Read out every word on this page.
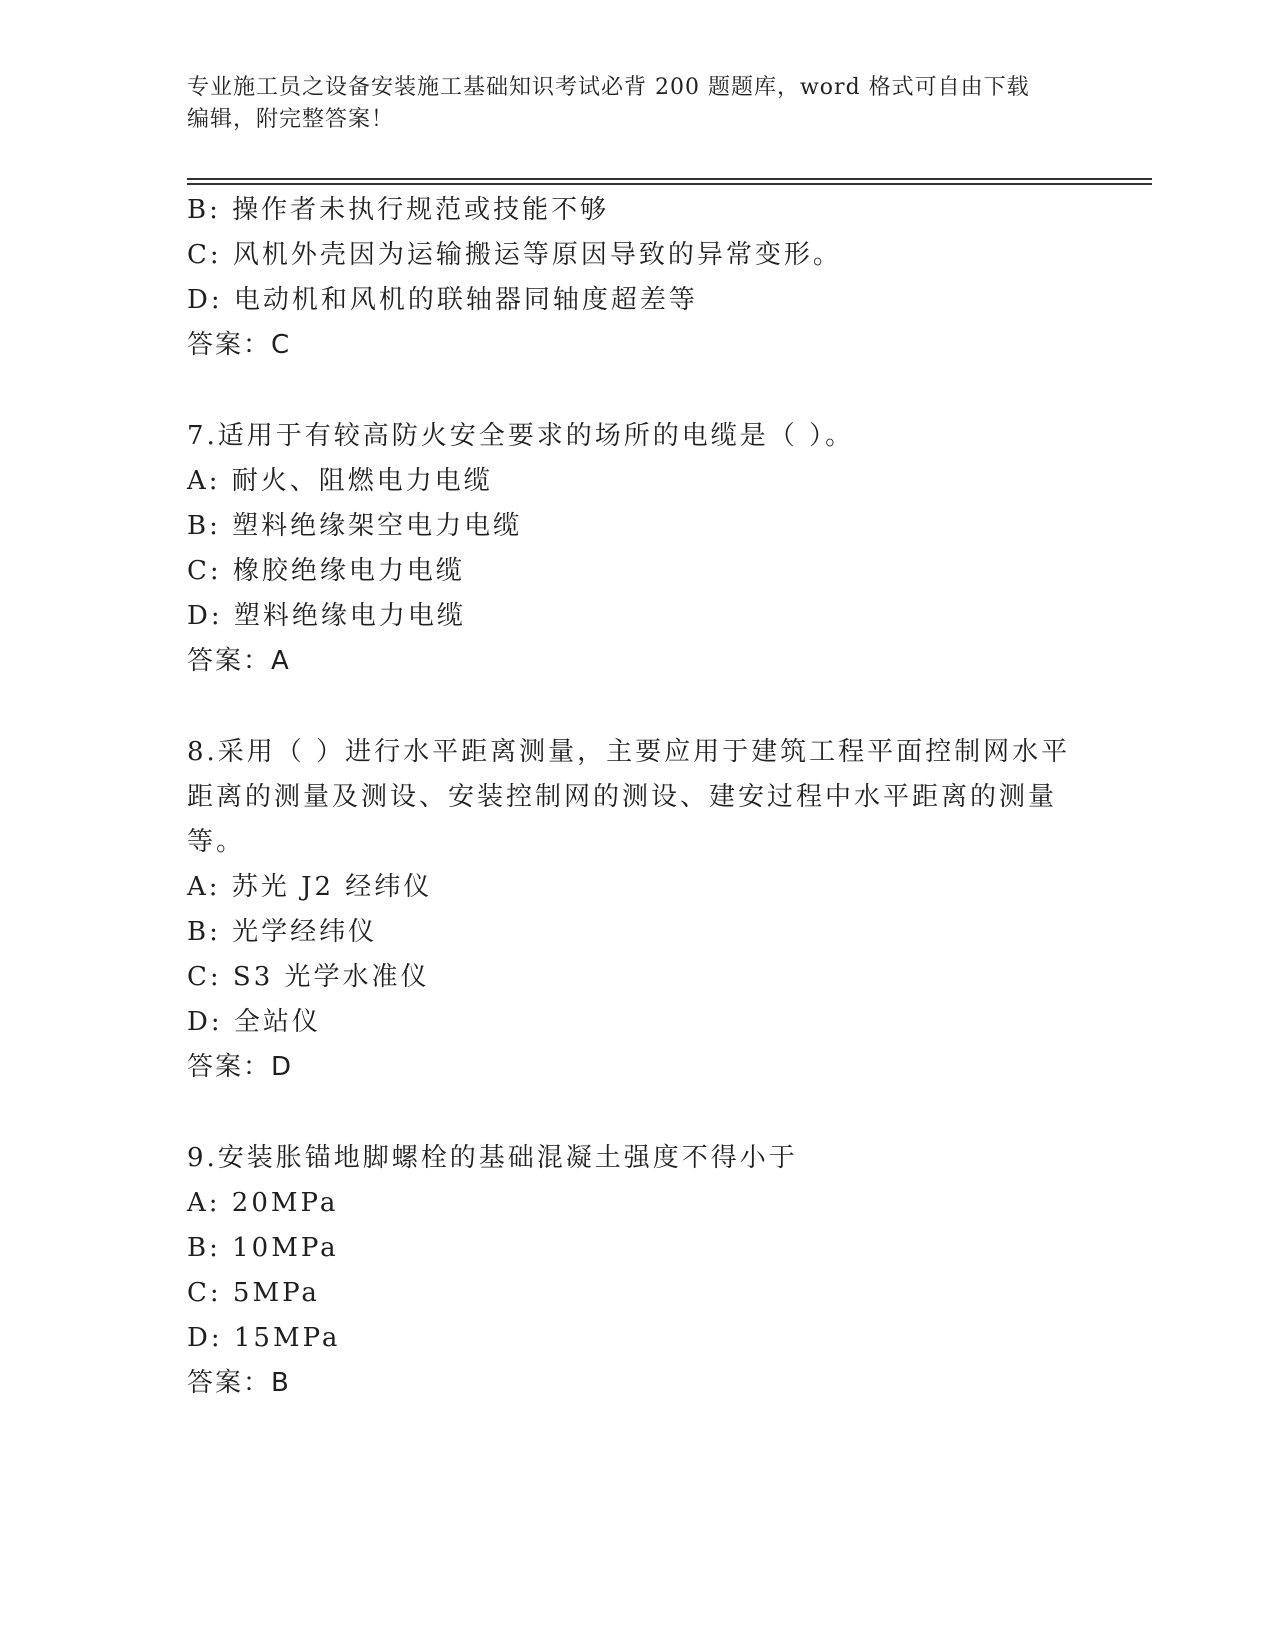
专业施工员之设备安装施工基础知识考试必背 200 题题库，word 格式可自由下载
编辑，附完整答案！
B: 操作者未执行规范或技能不够
C: 风机外壳因为运输搬运等原因导致的异常变形。
D: 电动机和风机的联轴器同轴度超差等
答案：C
7.适用于有较高防火安全要求的场所的电缆是（ ）。
A: 耐火、阻燃电力电缆
B: 塑料绝缘架空电力电缆
C: 橡胶绝缘电力电缆
D: 塑料绝缘电力电缆
答案：A
8.采用（ ）进行水平距离测量，主要应用于建筑工程平面控制网水平距离的测量及测设、安装控制网的测设、建安过程中水平距离的测量等。
A: 苏光 J2 经纬仪
B: 光学经纬仪
C: S3 光学水准仪
D: 全站仪
答案：D
9.安装胀锚地脚螺栓的基础混凝土强度不得小于
A: 20MPa
B: 10MPa
C: 5MPa
D: 15MPa
答案：B
